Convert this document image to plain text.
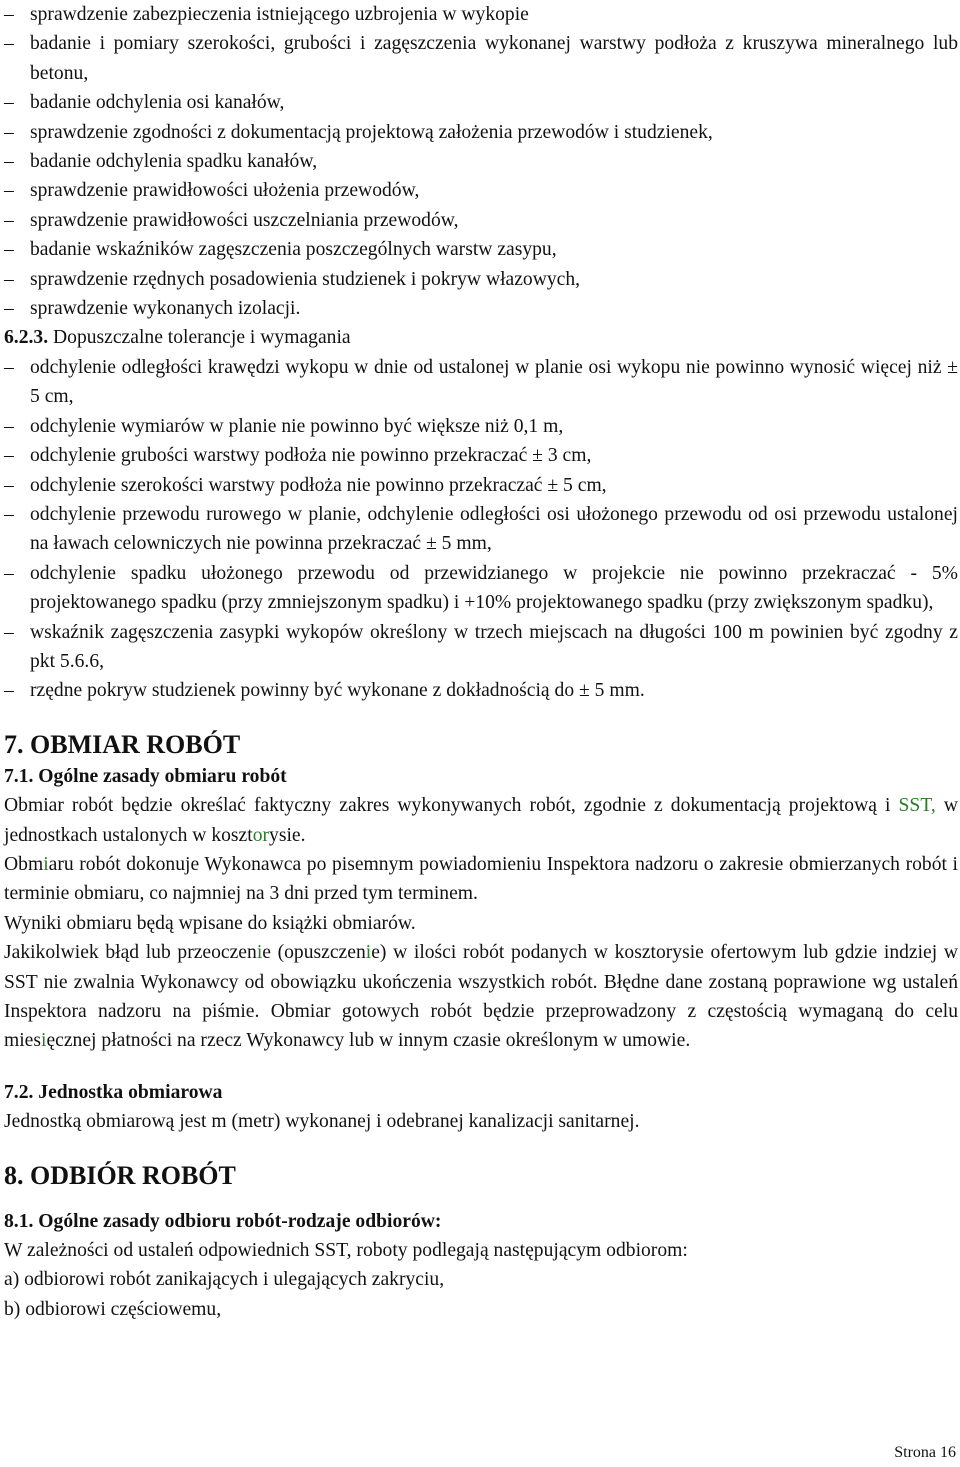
– sprawdzenie zabezpieczenia istniejącego uzbrojenia w wykopie
– badanie i pomiary szerokości, grubości i zagęszczenia wykonanej warstwy podłoża z kruszywa mineralnego lub betonu,
– badanie odchylenia osi kanałów,
– sprawdzenie zgodności z dokumentacją projektową założenia przewodów i studzienek,
– badanie odchylenia spadku kanałów,
– sprawdzenie prawidłowości ułożenia przewodów,
– sprawdzenie prawidłowości uszczelniania przewodów,
– badanie wskaźników zagęszczenia poszczególnych warstw zasypu,
– sprawdzenie rzędnych posadowienia studzienek i pokryw włazowych,
– sprawdzenie wykonanych izolacji.
6.2.3. Dopuszczalne tolerancje i wymagania
– odchylenie odległości krawędzi wykopu w dnie od ustalonej w planie osi wykopu nie powinno wynosić więcej niż ± 5 cm,
– odchylenie wymiarów w planie nie powinno być większe niż 0,1 m,
– odchylenie grubości warstwy podłoża nie powinno przekraczać ± 3 cm,
– odchylenie szerokości warstwy podłoża nie powinno przekraczać ± 5 cm,
– odchylenie przewodu rurowego w planie, odchylenie odległości osi ułożonego przewodu od osi przewodu ustalonej na ławach celowniczych nie powinna przekraczać ± 5 mm,
– odchylenie spadku ułożonego przewodu od przewidzianego w projekcie nie powinno przekraczać - 5% projektowanego spadku (przy zmniejszonym spadku) i +10% projektowanego spadku (przy zwiększonym spadku),
– wskaźnik zagęszczenia zasypki wykopów określony w trzech miejscach na długości 100 m powinien być zgodny z pkt 5.6.6,
– rzędne pokryw studzienek powinny być wykonane z dokładnością do ± 5 mm.
7. OBMIAR ROBÓT
7.1. Ogólne zasady obmiaru robót
Obmiar robót będzie określać faktyczny zakres wykonywanych robót, zgodnie z dokumentacją projektową i SST, w jednostkach ustalonych w kosztorysie.
Obmiaru robót dokonuje Wykonawca po pisemnym powiadomieniu Inspektora nadzoru o zakresie obmierzanych robót i terminie obmiaru, co najmniej na 3 dni przed tym terminem.
Wyniki obmiaru będą wpisane do książki obmiarów.
Jakikolwiek błąd lub przeoczenie (opuszczenie) w ilości robót podanych w kosztorysie ofertowym lub gdzie indziej w SST nie zwalnia Wykonawcy od obowiązku ukończenia wszystkich robót. Błędne dane zostaną poprawione wg ustaleń Inspektora nadzoru na piśmie. Obmiar gotowych robót będzie przeprowadzony z częstością wymaganą do celu miesięcznej płatności na rzecz Wykonawcy lub w innym czasie określonym w umowie.
7.2. Jednostka obmiarowa
Jednostką obmiarową jest m (metr) wykonanej i odebranej kanalizacji sanitarnej.
8. ODBIÓR ROBÓT
8.1. Ogólne zasady odbioru robót-rodzaje odbiorów:
W zależności od ustaleń odpowiednich SST, roboty podlegają następującym odbiorom:
a) odbiorowi robót zanikających i ulegających zakryciu,
b) odbiorowi częściowemu,
Strona 16
